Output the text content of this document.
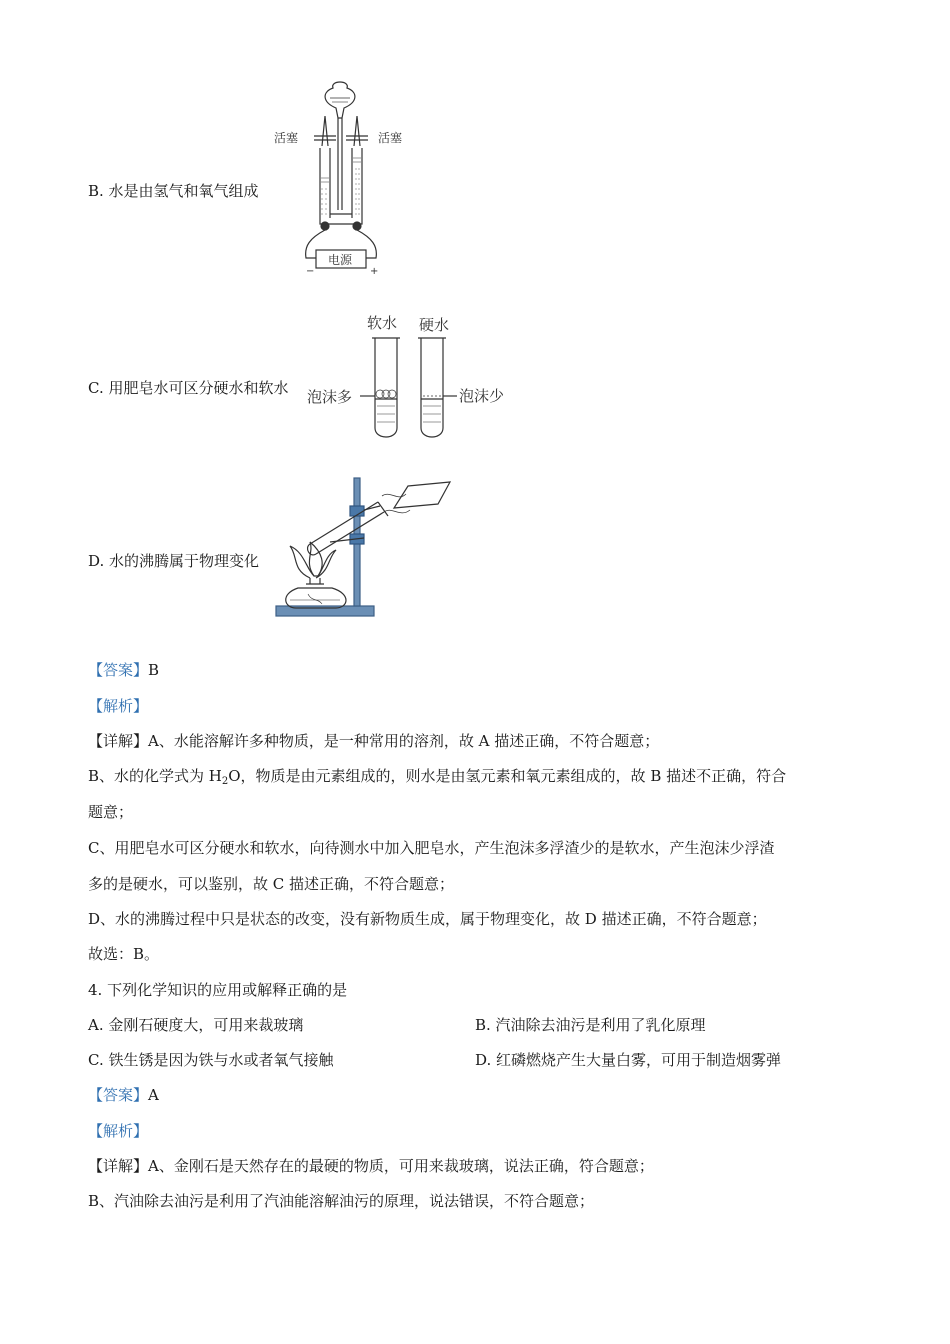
B. 水是由氢气和氧气组成
活塞	活塞
电源
−	+
C. 用肥皂水可区分硬水和软水
软水 硬水
泡沫多	泡沫少
D. 水的沸腾属于物理变化
【答案】B
【解析】
【详解】A、水能溶解许多种物质，是一种常用的溶剂，故 A 描述正确，不符合题意；
B、水的化学式为 $H_2O$，物质是由元素组成的，则水是由氢元素和氧元素组成的，故 B 描述不正确，符合
题意；
C、用肥皂水可区分硬水和软水，向待测水中加入肥皂水，产生泡沫多浮渣少的是软水，产生泡沫少浮渣
多的是硬水，可以鉴别，故 C 描述正确，不符合题意；
D、水的沸腾过程中只是状态的改变，没有新物质生成，属于物理变化，故 D 描述正确，不符合题意；
故选：B。
4. 下列化学知识的应用或解释正确的是
A. 金刚石硬度大，可用来裁玻璃	B. 汽油除去油污是利用了乳化原理
C. 铁生锈是因为铁与水或者氧气接触	D. 红磷燃烧产生大量白雾，可用于制造烟雾弹
【答案】A
【解析】
【详解】A、金刚石是天然存在的最硬的物质，可用来裁玻璃，说法正确，符合题意；
B、汽油除去油污是利用了汽油能溶解油污的原理，说法错误，不符合题意；
